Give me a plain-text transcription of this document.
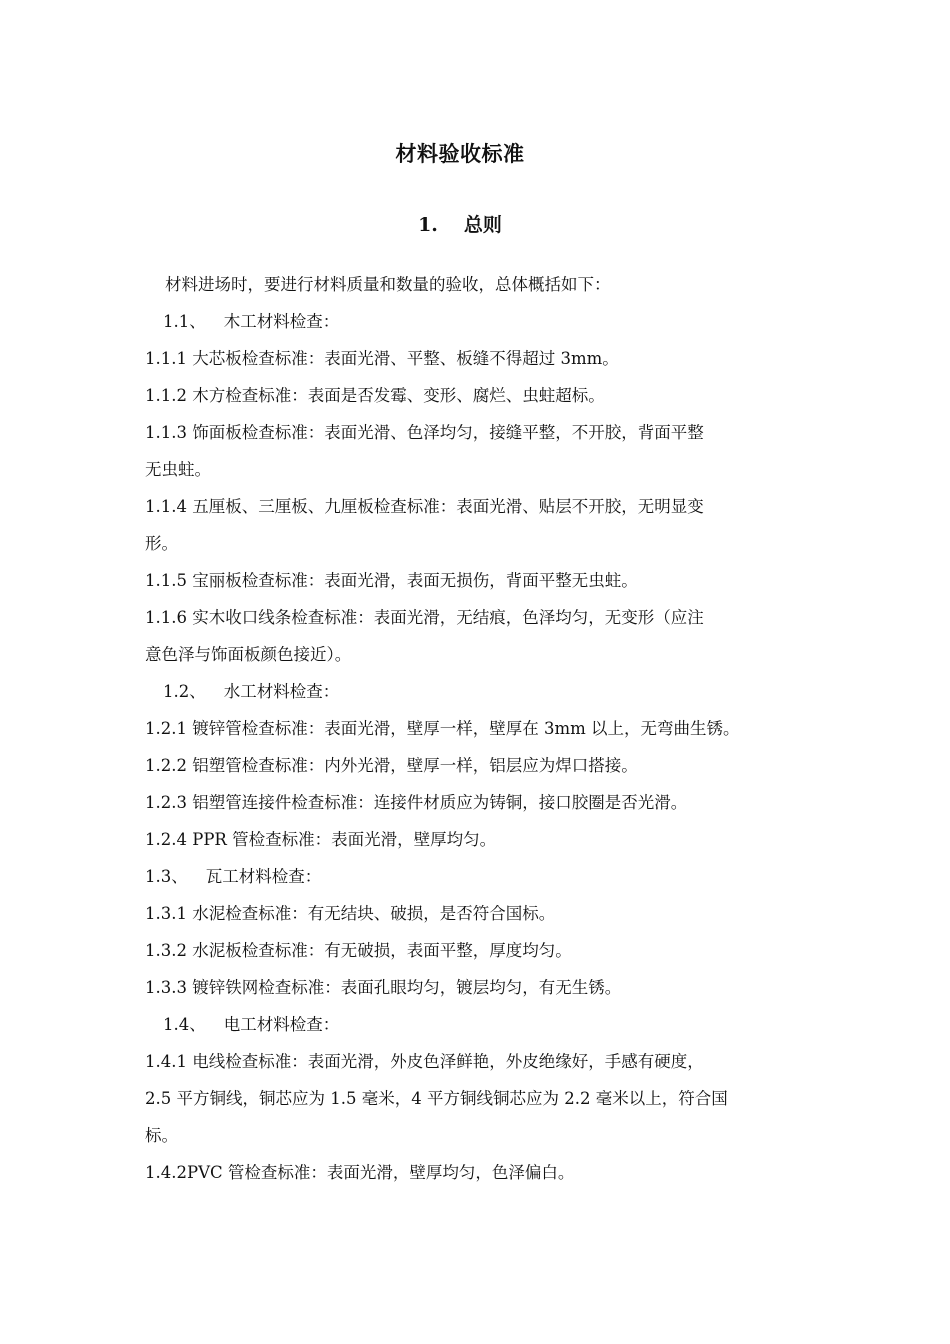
材料验收标准
1. 总则
材料进场时，要进行材料质量和数量的验收，总体概括如下：
1.1、 木工材料检查：
1.1.1 大芯板检查标准：表面光滑、平整、板缝不得超过 3mm。
1.1.2 木方检查标准：表面是否发霉、变形、腐烂、虫蛀超标。
1.1.3 饰面板检查标准：表面光滑、色泽均匀，接缝平整，不开胶，背面平整
无虫蛀。
1.1.4 五厘板、三厘板、九厘板检查标准：表面光滑、贴层不开胶，无明显变
形。
1.1.5 宝丽板检查标准：表面光滑，表面无损伤，背面平整无虫蛀。
1.1.6 实木收口线条检查标准：表面光滑，无结痕，色泽均匀，无变形（应注
意色泽与饰面板颜色接近）。
1.2、 水工材料检查：
1.2.1 镀锌管检查标准：表面光滑，壁厚一样，壁厚在 3mm 以上，无弯曲生锈。
1.2.2 铝塑管检查标准：内外光滑，壁厚一样，铝层应为焊口搭接。
1.2.3 铝塑管连接件检查标准：连接件材质应为铸铜，接口胶圈是否光滑。
1.2.4 PPR 管检查标准：表面光滑，壁厚均匀。
1.3、 瓦工材料检查：
1.3.1 水泥检查标准：有无结块、破损，是否符合国标。
1.3.2 水泥板检查标准：有无破损，表面平整，厚度均匀。
1.3.3 镀锌铁网检查标准：表面孔眼均匀，镀层均匀，有无生锈。
1.4、 电工材料检查：
1.4.1 电线检查标准：表面光滑，外皮色泽鲜艳，外皮绝缘好，手感有硬度，
2.5 平方铜线，铜芯应为 1.5 毫米，4 平方铜线铜芯应为 2.2 毫米以上，符合国
标。
1.4.2PVC 管检查标准：表面光滑，壁厚均匀，色泽偏白。
